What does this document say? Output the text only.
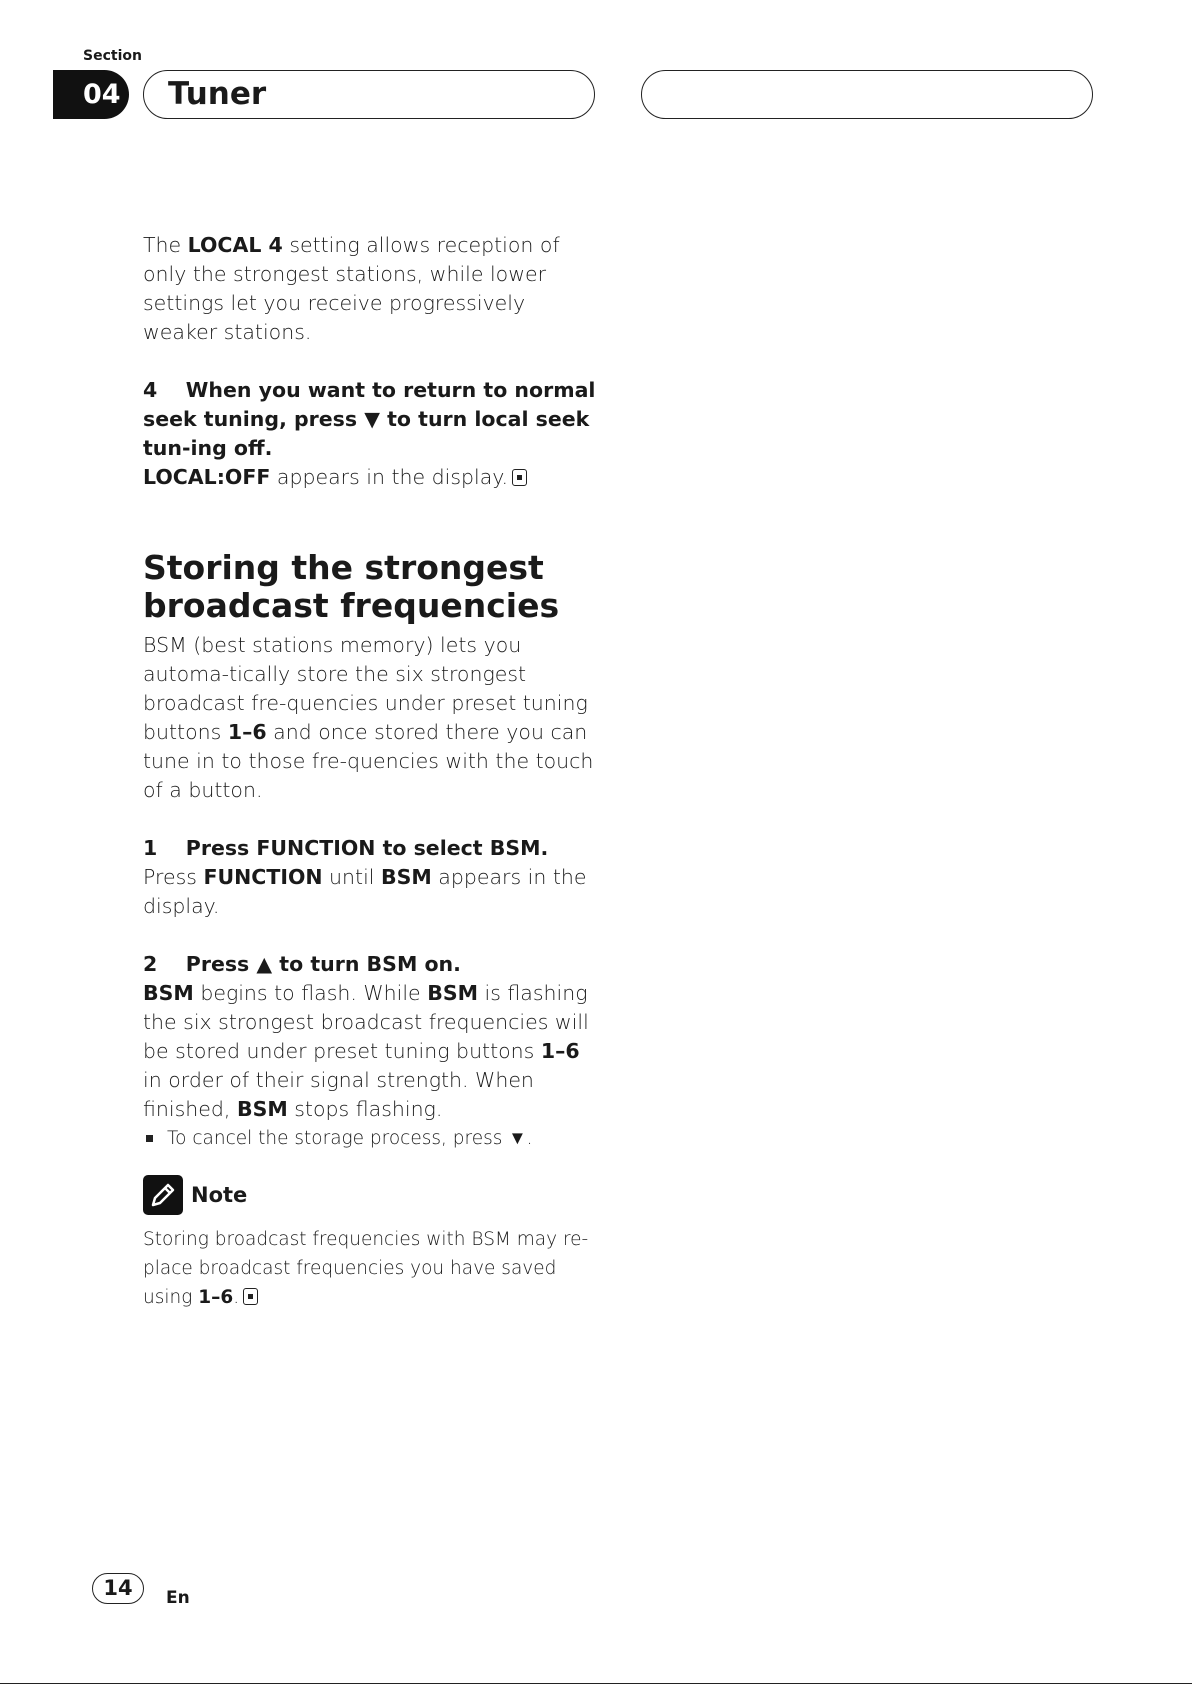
Section
04	Tuner

The LOCAL 4 setting allows reception of only the strongest stations, while lower settings let you receive progressively weaker stations.

4    When you want to return to normal seek tuning, press ▼ to turn local seek tun-ing off.

LOCAL:OFF appears in the display.

Storing the strongest broadcast frequencies

BSM (best stations memory) lets you automa-tically store the six strongest broadcast fre-quencies under preset tuning buttons 1–6 and once stored there you can tune in to those fre-quencies with the touch of a button.

1    Press FUNCTION to select BSM.

Press FUNCTION until BSM appears in the display.

2    Press ▲ to turn BSM on.

BSM begins to flash. While BSM is flashing the six strongest broadcast frequencies will be stored under preset tuning buttons 1–6 in order of their signal strength. When finished, BSM stops flashing.

To cancel the storage process, press ▼.
Note

Storing broadcast frequencies with BSM may re-place broadcast frequencies you have saved using 1–6.

14	En
